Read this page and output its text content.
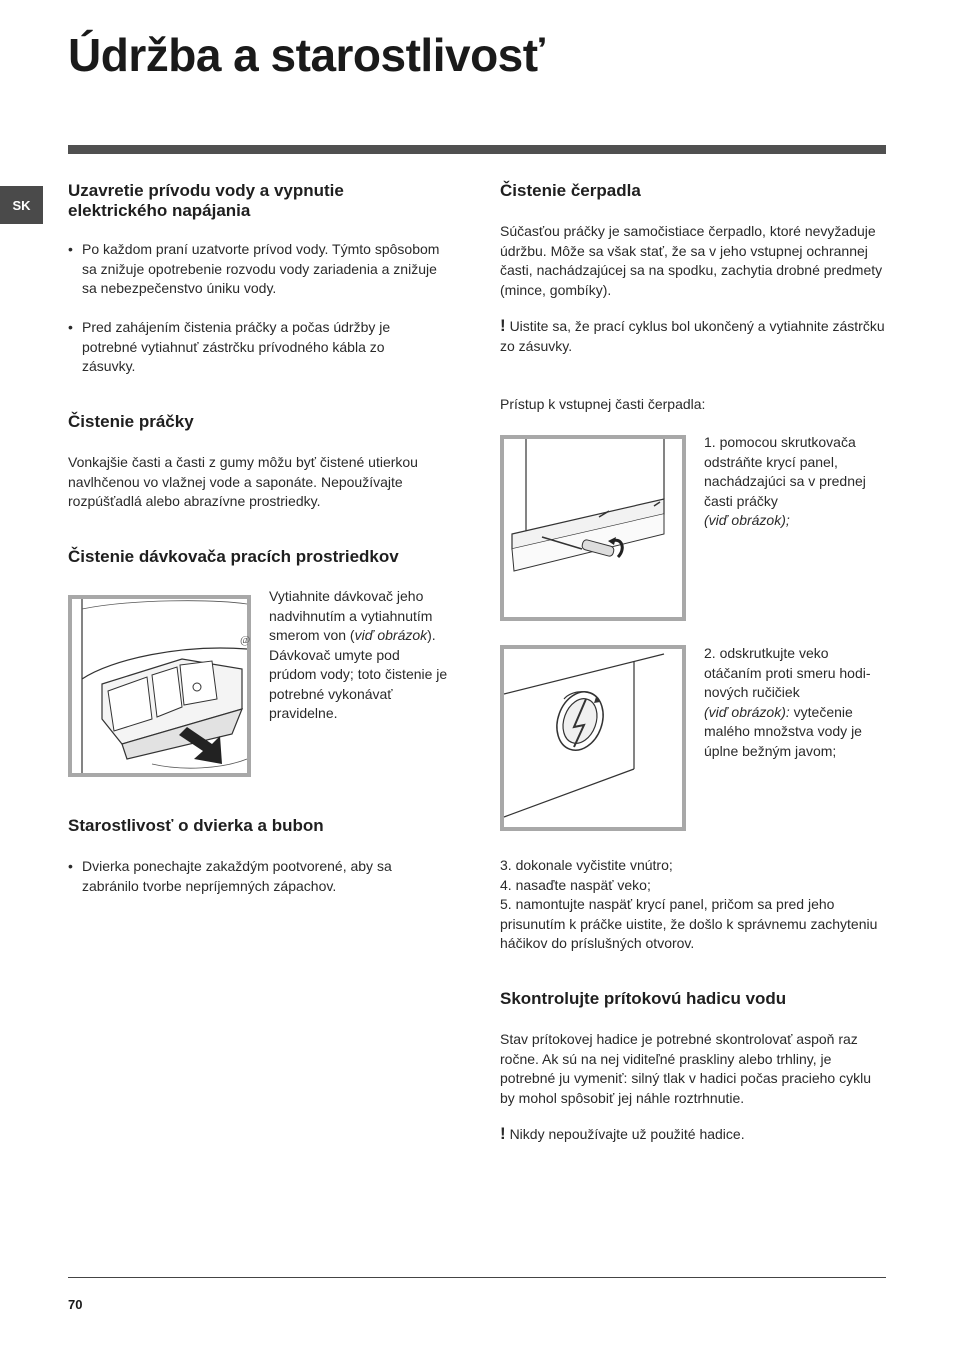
Údržba a starostlivosť
SK
Uzavretie prívodu vody a vypnutie elektrického napájania
• Po každom praní uzatvorte prívod vody. Týmto spôsobom sa znižuje opotrebenie rozvodu vody zariadenia a znižuje sa nebezpečenstvo úniku vody.
• Pred zahájením čistenia práčky a počas údržby je potrebné vytiahnuť zástrčku prívodného kábla zo zásuvky.
Čistenie práčky
Vonkajšie časti a časti z gumy môžu byť čistené utierkou navlhčenou vo vlažnej vode a saponáte. Nepoužívajte rozpúšťadlá alebo abrazívne prostriedky.
Čistenie dávkovača pracích prostriedkov
@
Vytiahnite dávkovač jeho nadvihnutím a vytiahnutím smerom von (viď obrázok).
Dávkovač umyte pod prúdom vody; toto čistenie je potrebné vykonávať pravidelne.
Starostlivosť o dvierka a bubon
• Dvierka ponechajte zakaždým pootvorené, aby sa zabránilo tvorbe nepríjemných zápachov.
Čistenie čerpadla
Súčasťou práčky je samočistiace čerpadlo, ktoré nevyžaduje údržbu. Môže sa však stať, že sa v jeho vstupnej ochrannej časti, nachádzajúcej sa na spodku, zachytia drobné predmety (mince, gombíky).
! Uistite sa, že prací cyklus bol ukončený a vytiahnite zástrčku zo zásuvky.
Prístup k vstupnej časti čerpadla:
1. pomocou skrutkovača odstráňte krycí panel, nachádzajúci sa v prednej časti práčky
(viď obrázok);
2. odskrutkujte veko otáčaním proti smeru hodinových ručičiek
(viď obrázok): vytečenie malého množstva vody je úplne bežným javom;
3. dokonale vyčistite vnútro;
4. nasaďte naspäť veko;
5. namontujte naspäť krycí panel, pričom sa pred jeho prisunutím k práčke uistite, že došlo k správnemu zachyteniu háčikov do príslušných otvorov.
Skontrolujte prítokovú hadicu vodu
Stav prítokovej hadice je potrebné skontrolovať aspoň raz ročne. Ak sú na nej viditeľné praskliny alebo trhliny, je potrebné ju vymeniť: silný tlak v hadici počas pracieho cyklu by mohol spôsobiť jej náhle roztrhnutie.
! Nikdy nepoužívajte už použité hadice.
70
